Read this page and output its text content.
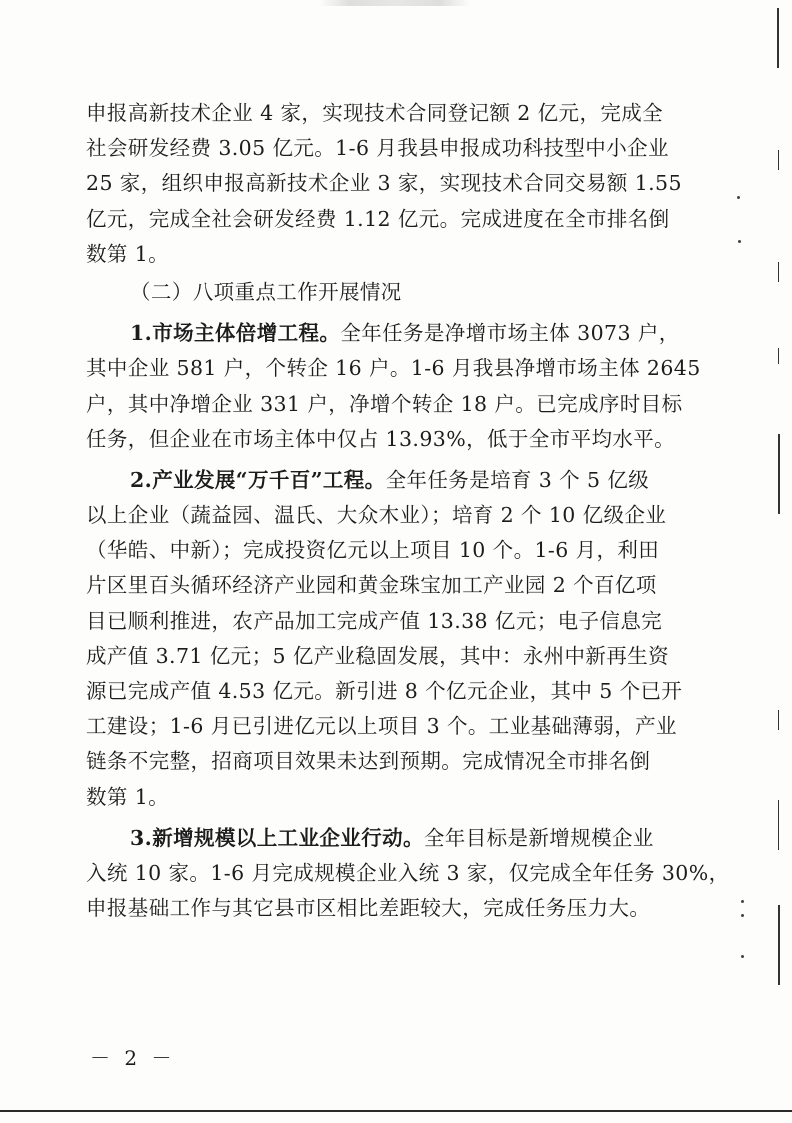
申报高新技术企业 4 家，实现技术合同登记额 2 亿元，完成全
社会研发经费 3.05 亿元。1-6 月我县申报成功科技型中小企业
25 家，组织申报高新技术企业 3 家，实现技术合同交易额 1.55
亿元，完成全社会研发经费 1.12 亿元。完成进度在全市排名倒
数第 1。
（二）八项重点工作开展情况
1.市场主体倍增工程。全年任务是净增市场主体 3073 户，
其中企业 581 户，个转企 16 户。1-6 月我县净增市场主体 2645
户，其中净增企业 331 户，净增个转企 18 户。已完成序时目标
任务，但企业在市场主体中仅占 13.93%，低于全市平均水平。
2.产业发展“万千百”工程。全年任务是培育 3 个 5 亿级
以上企业（蔬益园、温氏、大众木业）；培育 2 个 10 亿级企业
（华皓、中新）；完成投资亿元以上项目 10 个。1-6 月，利田
片区里百头循环经济产业园和黄金珠宝加工产业园 2 个百亿项
目已顺利推进，农产品加工完成产值 13.38 亿元；电子信息完
成产值 3.71 亿元；5 亿产业稳固发展，其中：永州中新再生资
源已完成产值 4.53 亿元。新引进 8 个亿元企业，其中 5 个已开
工建设；1-6 月已引进亿元以上项目 3 个。工业基础薄弱，产业
链条不完整，招商项目效果未达到预期。完成情况全市排名倒
数第 1。
3.新增规模以上工业企业行动。全年目标是新增规模企业
入统 10 家。1-6 月完成规模企业入统 3 家，仅完成全年任务 30%，
申报基础工作与其它县市区相比差距较大，完成任务压力大。
－ 2 －
